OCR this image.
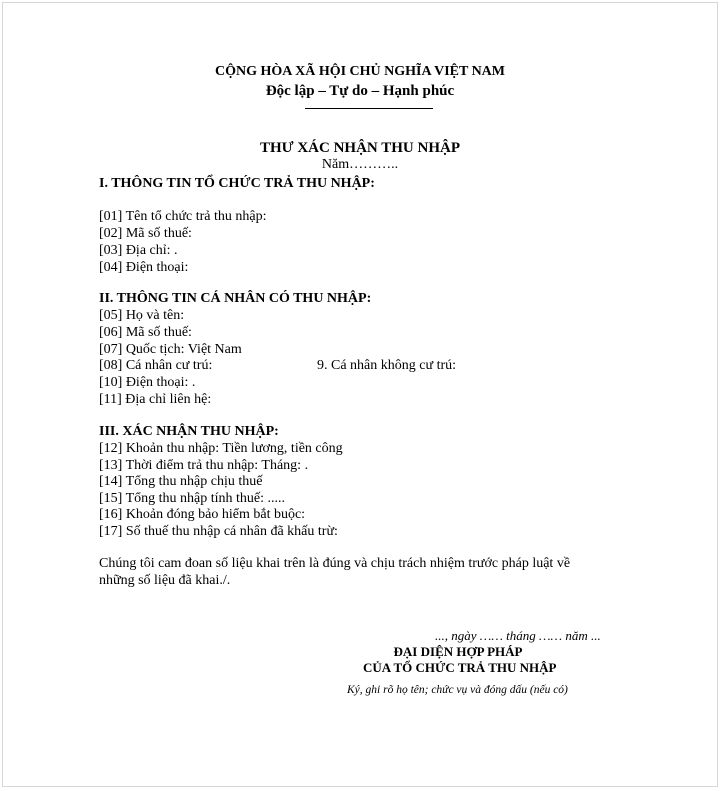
CỘNG HÒA XÃ HỘI CHỦ NGHĨA VIỆT NAM
Độc lập – Tự do – Hạnh phúc
THƯ XÁC NHẬN THU NHẬP
Năm………..
I. THÔNG TIN TỔ CHỨC TRẢ THU NHẬP:
[01] Tên tổ chức trả thu nhập:
[02] Mã số thuế:
[03] Địa chỉ: .
[04] Điện thoại:
II. THÔNG TIN CÁ NHÂN CÓ THU NHẬP:
[05] Họ và tên:
[06] Mã số thuế:
[07] Quốc tịch: Việt Nam
[08] Cá nhân cư trú:	9. Cá nhân không cư trú:
[10] Điện thoại: .
[11] Địa chỉ liên hệ:
III. XÁC NHẬN THU NHẬP:
[12] Khoản thu nhập: Tiền lương, tiền công
[13] Thời điểm trả thu nhập: Tháng: .
[14] Tổng thu nhập chịu thuế
[15] Tổng thu nhập tính thuế: .....
[16] Khoản đóng bảo hiểm bắt buộc:
[17] Số thuế thu nhập cá nhân đã khấu trừ:
Chúng tôi cam đoan số liệu khai trên là đúng và chịu trách nhiệm trước pháp luật về
những số liệu đã khai./.
..., ngày …… tháng …… năm ...
ĐẠI DIỆN HỢP PHÁP
CỦA TỔ CHỨC TRẢ THU NHẬP
Ký, ghi rõ họ tên; chức vụ và đóng dấu (nếu có)
